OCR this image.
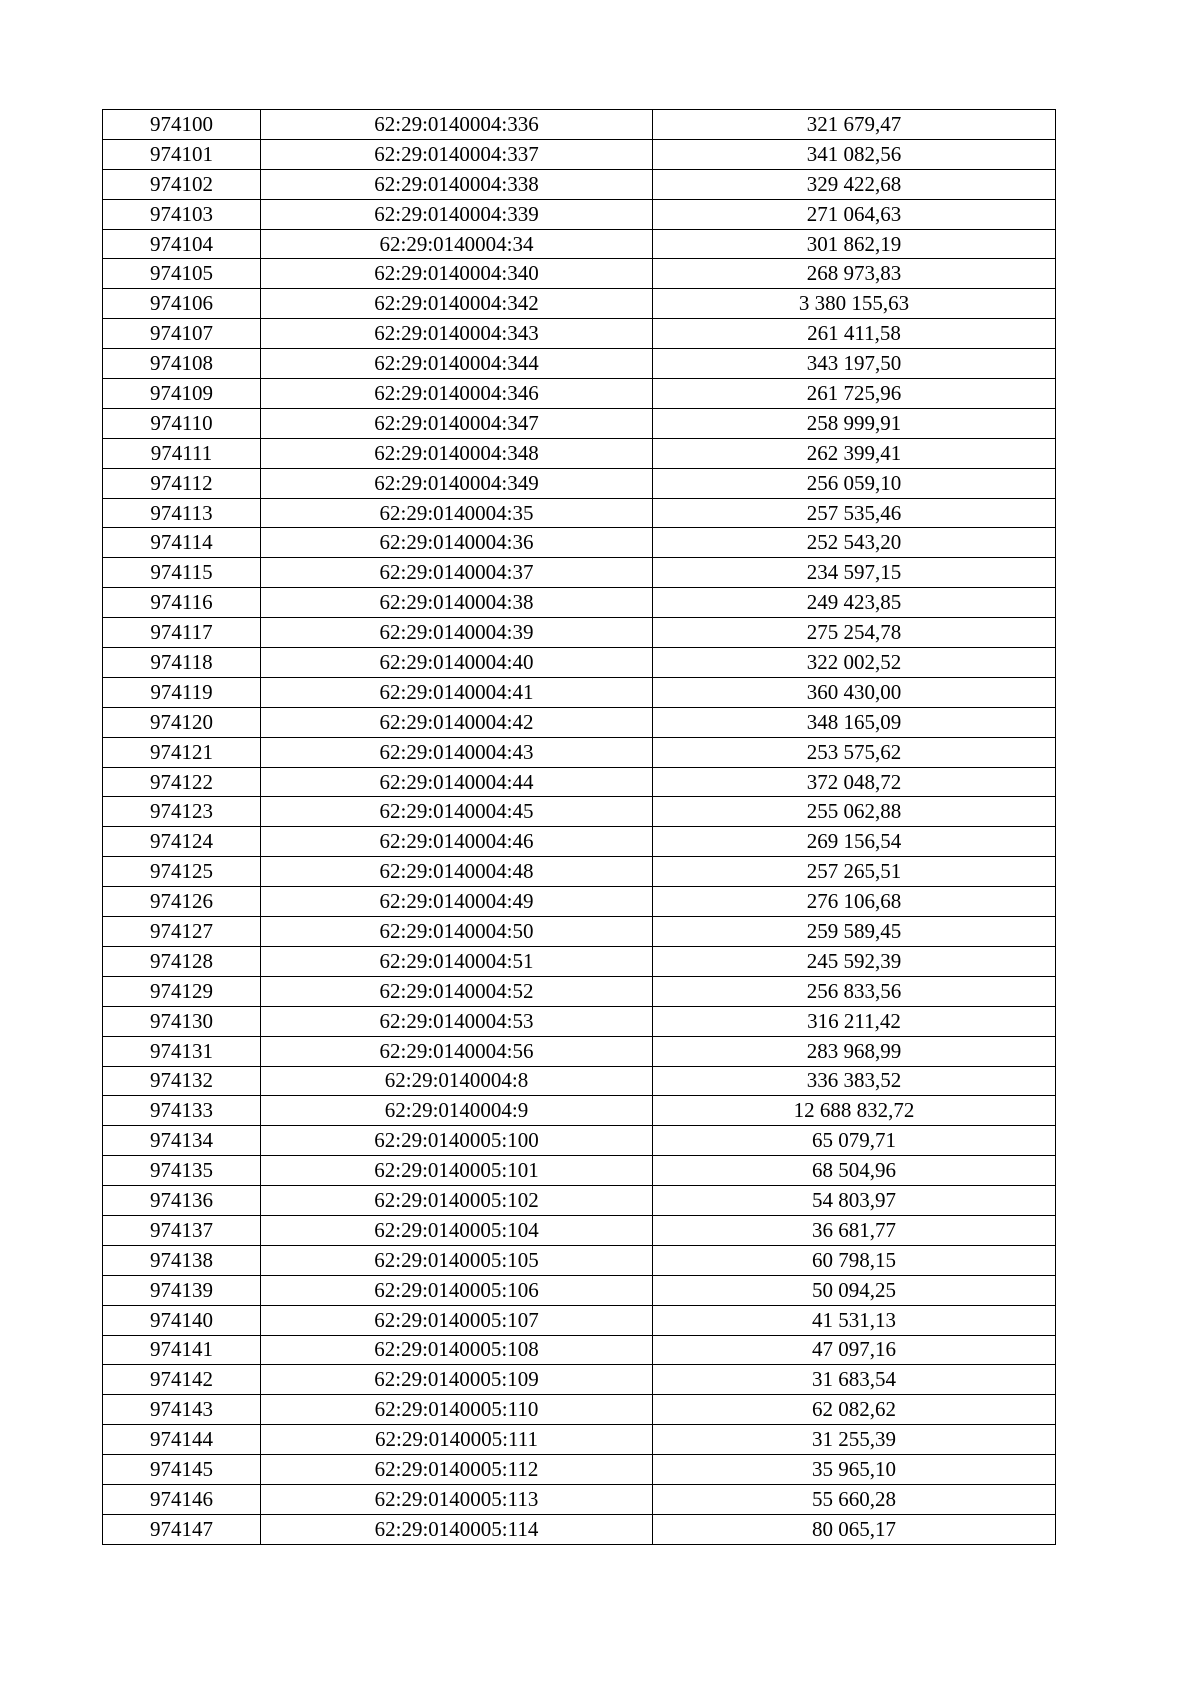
974100	62:29:0140004:336	321 679,47
974101	62:29:0140004:337	341 082,56
974102	62:29:0140004:338	329 422,68
974103	62:29:0140004:339	271 064,63
974104	62:29:0140004:34	301 862,19
974105	62:29:0140004:340	268 973,83
974106	62:29:0140004:342	3 380 155,63
974107	62:29:0140004:343	261 411,58
974108	62:29:0140004:344	343 197,50
974109	62:29:0140004:346	261 725,96
974110	62:29:0140004:347	258 999,91
974111	62:29:0140004:348	262 399,41
974112	62:29:0140004:349	256 059,10
974113	62:29:0140004:35	257 535,46
974114	62:29:0140004:36	252 543,20
974115	62:29:0140004:37	234 597,15
974116	62:29:0140004:38	249 423,85
974117	62:29:0140004:39	275 254,78
974118	62:29:0140004:40	322 002,52
974119	62:29:0140004:41	360 430,00
974120	62:29:0140004:42	348 165,09
974121	62:29:0140004:43	253 575,62
974122	62:29:0140004:44	372 048,72
974123	62:29:0140004:45	255 062,88
974124	62:29:0140004:46	269 156,54
974125	62:29:0140004:48	257 265,51
974126	62:29:0140004:49	276 106,68
974127	62:29:0140004:50	259 589,45
974128	62:29:0140004:51	245 592,39
974129	62:29:0140004:52	256 833,56
974130	62:29:0140004:53	316 211,42
974131	62:29:0140004:56	283 968,99
974132	62:29:0140004:8	336 383,52
974133	62:29:0140004:9	12 688 832,72
974134	62:29:0140005:100	65 079,71
974135	62:29:0140005:101	68 504,96
974136	62:29:0140005:102	54 803,97
974137	62:29:0140005:104	36 681,77
974138	62:29:0140005:105	60 798,15
974139	62:29:0140005:106	50 094,25
974140	62:29:0140005:107	41 531,13
974141	62:29:0140005:108	47 097,16
974142	62:29:0140005:109	31 683,54
974143	62:29:0140005:110	62 082,62
974144	62:29:0140005:111	31 255,39
974145	62:29:0140005:112	35 965,10
974146	62:29:0140005:113	55 660,28
974147	62:29:0140005:114	80 065,17
